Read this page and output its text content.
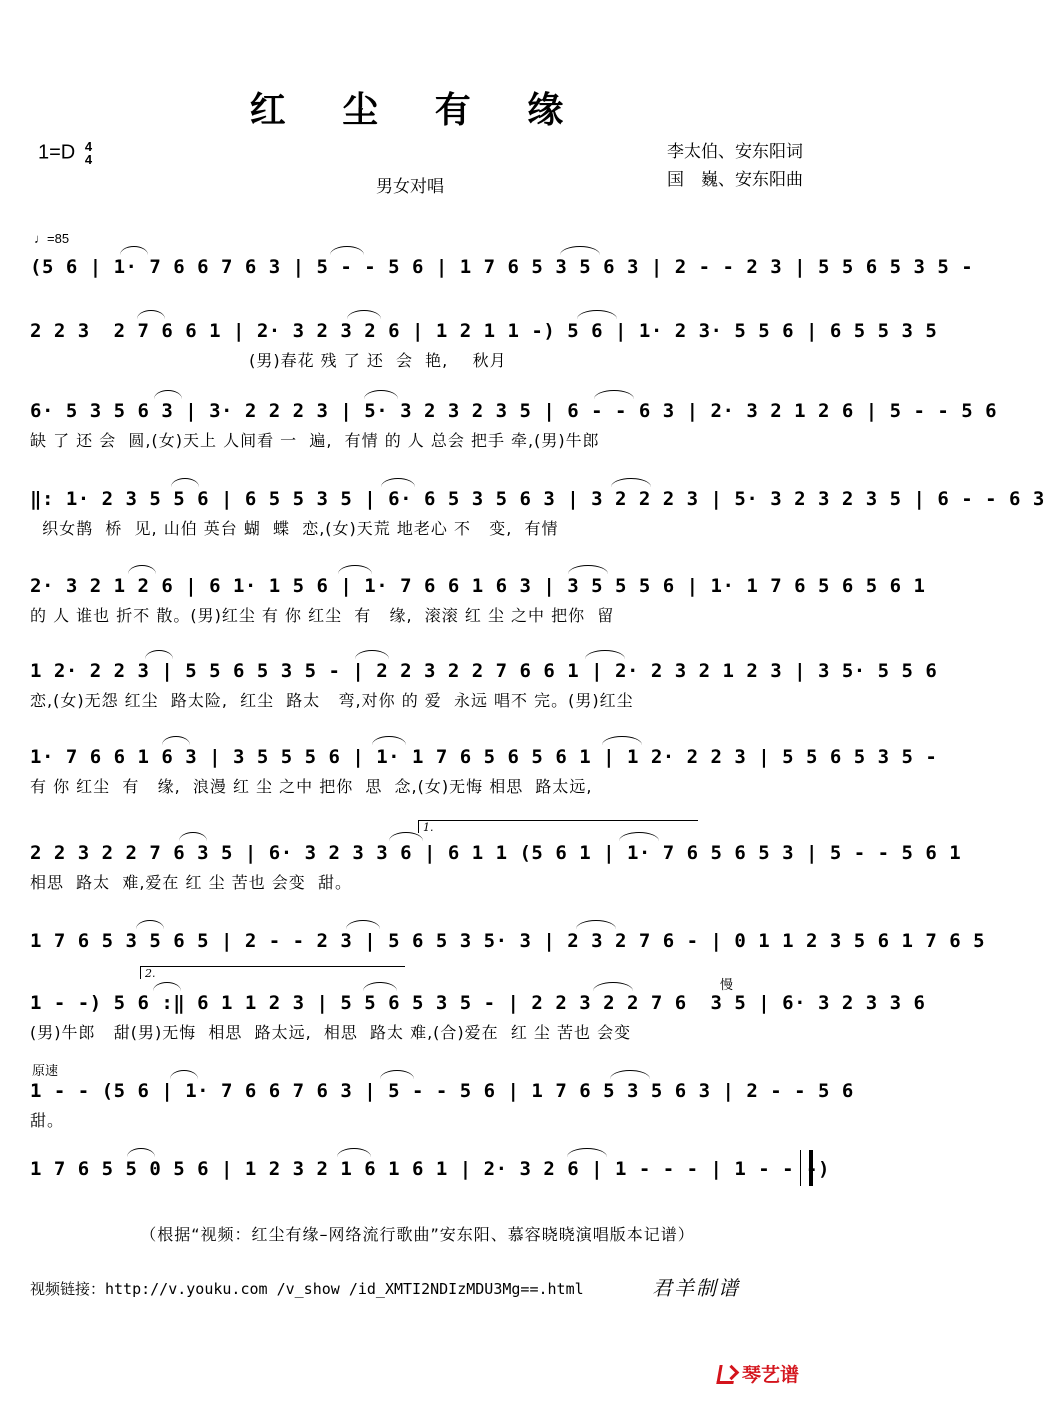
红 尘 有 缘
1=D 4
4
男女对唱
李太伯、安东阳词
国　巍、安东阳曲
♩=85
(5 6 | 1· 7 6 6 7 6 3 | 5 - - 5 6 | 1 7 6 5 3 5 6 3 | 2 - - 2 3 | 5 5 6 5 3 5 -
2 2 3  2 7 6 6 1 | 2· 3 2 3 2 6 | 1 2 1 1 -) 5 6 | 1· 2 3· 5 5 6 | 6 5 5 3 5
(男)春花 残 了 还  会  艳,    秋月
6· 5 3 5 6 3 | 3· 2 2 2 3 | 5· 3 2 3 2 3 5 | 6 - - 6 3 | 2· 3 2 1 2 6 | 5 - - 5 6
缺 了 还 会  圆,(女)天上 人间看 一  遍,  有情 的 人 总会 把手 牵,(男)牛郎
‖: 1· 2 3 5 5 6 | 6 5 5 3 5 | 6· 6 5 3 5 6 3 | 3 2 2 2 3 | 5· 3 2 3 2 3 5 | 6 - - 6 3
织女鹊  桥  见, 山伯 英台 蝴  蝶  恋,(女)天荒 地老心 不   变,  有情
2· 3 2 1 2 6 | 6 1· 1 5 6 | 1· 7 6 6 1 6 3 | 3 5 5 5 6 | 1· 1 7 6 5 6 5 6 1
的 人 谁也 折不 散。(男)红尘 有 你 红尘  有   缘,  滚滚 红 尘 之中 把你  留
1 2· 2 2 3 | 5 5 6 5 3 5 - | 2 2 3 2 2 7 6 6 1 | 2· 2 3 2 1 2 3 | 3 5· 5 5 6
恋,(女)无怨 红尘  路太险,  红尘  路太   弯,对你 的 爱  永远 唱不 完。(男)红尘
1· 7 6 6 1 6 3 | 3 5 5 5 6 | 1· 1 7 6 5 6 5 6 1 | 1 2· 2 2 3 | 5 5 6 5 3 5 -
有 你 红尘  有   缘,  浪漫 红 尘 之中 把你  思  念,(女)无悔 相思  路太远,
2 2 3 2 2 7 6 3 5 | 6· 3 2 3 3 6 | 6 1 1 (5 6 1 | 1· 7 6 5 6 5 3 | 5 - - 5 6 1
相思  路太  难,爱在 红 尘 苦也 会变  甜。
1 7 6 5 3 5 6 5 | 2 - - 2 3 | 5 6 5 3 5· 3 | 2 3 2 7 6 - | 0 1 1 2 3 5 6 1 7 6 5
1 - -) 5 6 :‖ 6 1 1 2 3 | 5 5 6 5 3 5 - | 2 2 3 2 2 7 6  3 5 | 6· 3 2 3 3 6
(男)牛郎   甜(男)无悔  相思  路太远,  相思  路太 难,(合)爱在  红 尘 苦也 会变
1 - - (5 6 | 1· 7 6 6 7 6 3 | 5 - - 5 6 | 1 7 6 5 3 5 6 3 | 2 - - 5 6
甜。
1 7 6 5 5 0 5 6 | 1 2 3 2 1 6 1 6 1 | 2· 3 2 6 | 1 - - - | 1 - - -)
1.
2.
慢
原速
（根据“视频：红尘有缘–网络流行歌曲”安东阳、慕容晓晓演唱版本记谱）
视频链接：http://v.youku.com /v_show /id_XMTI2NDIzMDU3Mg==.html	君羊制谱
琴艺谱
